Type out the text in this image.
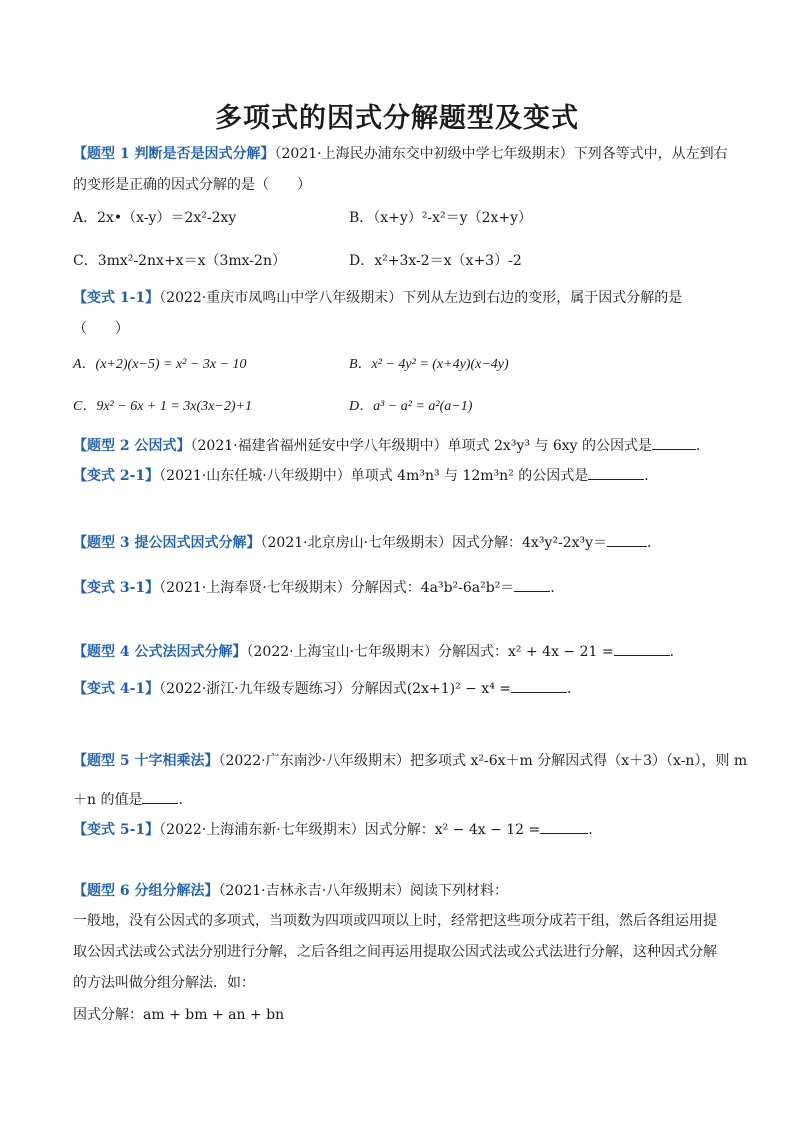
多项式的因式分解题型及变式
【题型 1 判断是否是因式分解】（2021·上海民办浦东交中初级中学七年级期末）下列各等式中，从左到右
的变形是正确的因式分解的是（　　）
A．2x•（x-y）＝2x²-2xy	B．（x+y）²-x²＝y（2x+y）
C．3mx²-2nx+x＝x（3mx-2n）	D．x²+3x-2＝x（x+3）-2
【变式 1-1】（2022·重庆市凤鸣山中学八年级期末）下列从左边到右边的变形，属于因式分解的是
（　　）
A．(x+2)(x−5) = x² − 3x − 10	B．x² − 4y² = (x+4y)(x−4y)
C．9x² − 6x + 1 = 3x(3x−2)+1	D．a³ − a² = a²(a−1)
【题型 2 公因式】（2021·福建省福州延安中学八年级期中）单项式 2x³y³ 与 6xy 的公因式是	．
【变式 2-1】（2021·山东任城·八年级期中）单项式 4m³n³ 与 12m³n² 的公因式是	．
【题型 3 提公因式因式分解】（2021·北京房山·七年级期末）因式分解：4x³y²-2x³y＝	．
【变式 3-1】（2021·上海奉贤·七年级期末）分解因式：4a³b²-6a²b²＝	．
【题型 4 公式法因式分解】（2022·上海宝山·七年级期末）分解因式：x² + 4x − 21 =	．
【变式 4-1】（2022·浙江·九年级专题练习）分解因式(2x+1)² − x⁴ =	．
【题型 5 十字相乘法】（2022·广东南沙·八年级期末）把多项式 x²-6x＋m 分解因式得（x＋3）（x-n），则 m
＋n 的值是	．
【变式 5-1】（2022·上海浦东新·七年级期末）因式分解：x² − 4x − 12 =	．
【题型 6 分组分解法】（2021·吉林永吉·八年级期末）阅读下列材料：
一般地，没有公因式的多项式，当项数为四项或四项以上时，经常把这些项分成若干组，然后各组运用提
取公因式法或公式法分别进行分解，之后各组之间再运用提取公因式法或公式法进行分解，这种因式分解
的方法叫做分组分解法．如：
因式分解：am + bm + an + bn
